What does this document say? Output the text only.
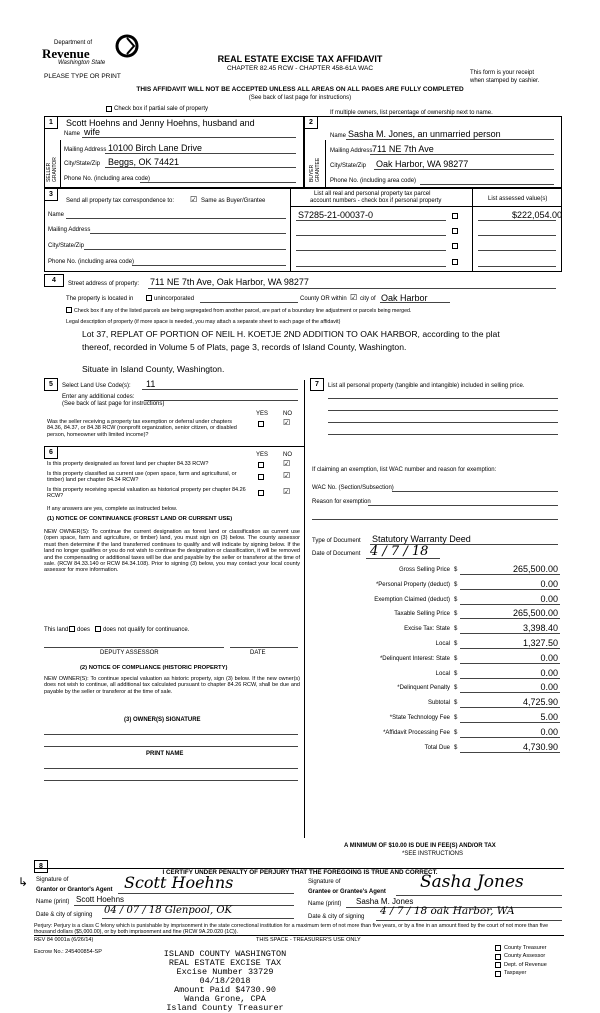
Department of
Revenue
Washington State
PLEASE TYPE OR PRINT
REAL ESTATE EXCISE TAX AFFIDAVIT
CHAPTER 82.45 RCW - CHAPTER 458-61A WAC
This form is your receipt
when stamped by cashier.
THIS AFFIDAVIT WILL NOT BE ACCEPTED UNLESS ALL AREAS ON ALL PAGES ARE FULLY COMPLETED
(See back of last page for instructions)
Check box if partial sale of property
If multiple owners, list percentage of ownership next to name.
1	2
Scott Hoehns and Jenny Hoehns, husband and
Name wife
SELLER GRANTOR
Mailing Address 10100 Birch Lane Drive
City/State/Zip Beggs, OK 74421
Phone No. (including area code)
Name Sasha M. Jones, an unmarried person
BUYER GRANTEE
Mailing Address 711 NE 7th Ave
City/State/Zip Oak Harbor, WA 98277
Phone No. (including area code)
3
Send all property tax correspondence to: ☑ Same as Buyer/Grantee
List all real and personal property tax parcel
account numbers - check box if personal property	List assessed value(s)
Name
Mailing Address
City/State/Zip
Phone No. (including area code)
S7285-21-00037-0	$222,054.00
4	Street address of property: 711 NE 7th Ave, Oak Harbor, WA 98277
The property is located in	unincorporated	County OR within ☑ city of Oak Harbor
Check box if any of the listed parcels are being segregated from another parcel, are part of a boundary line adjustment or parcels being merged.
Legal description of property (if more space is needed, you may attach a separate sheet to each page of the affidavit)
Lot 37, REPLAT OF PORTION OF NEIL H. KOETJE 2ND ADDITION TO OAK HARBOR, according to the plat
thereof, recorded in Volume 5 of Plats, page 3, records of Island County, Washington.
Situate in Island County, Washington.
5	Select Land Use Code(s): 11
Enter any additional codes:
(See back of last page for instructions)
YES NO
Was the seller receiving a property tax exemption or deferral under chapters 84.36, 84.37, or 84.38 RCW (nonprofit organization, senior citizen, or disabled person, homeowner with limited income)?
☑
6	YES NO
Is this property designated as forest land per chapter 84.33 RCW?	☑
Is this property classified as current use (open space, farm and agricultural, or timber) land per chapter 84.34 RCW?
☑
Is this property receiving special valuation as historical property per chapter 84.26 RCW?
☑
If any answers are yes, complete as instructed below.
(1) NOTICE OF CONTINUANCE (FOREST LAND OR CURRENT USE)
NEW OWNER(S): To continue the current designation as forest land or classification as current use (open space, farm and agriculture, or timber) land, you must sign on (3) below. The county assessor must then determine if the land transferred continues to qualify and will indicate by signing below. If the land no longer qualifies or you do not wish to continue the designation or classification, it will be removed and the compensating or additional taxes will be due and payable by the seller or transferor at the time of sale. (RCW 84.33.140 or RCW 84.34.108). Prior to signing (3) below, you may contact your local county assessor for more information.
This land does does not qualify for continuance.
DEPUTY ASSESSOR	DATE
(2) NOTICE OF COMPLIANCE (HISTORIC PROPERTY)
NEW OWNER(S): To continue special valuation as historic property, sign (3) below. If the new owner(s) does not wish to continue, all additional tax calculated pursuant to chapter 84.26 RCW, shall be due and payable by the seller or transferor at the time of sale.
(3) OWNER(S) SIGNATURE
PRINT NAME
7	List all personal property (tangible and intangible) included in selling price.
If claiming an exemption, list WAC number and reason for exemption:
WAC No. (Section/Subsection)
Reason for exemption
Type of Document Statutory Warranty Deed
Date of Document 4 / 7 / 18
Gross Selling Price $	265,500.00
*Personal Property (deduct) $	0.00
Exemption Claimed (deduct) $	0.00
Taxable Selling Price $	265,500.00
Excise Tax: State $	3,398.40
Local $	1,327.50
*Delinquent Interest: State $	0.00
Local $	0.00
*Delinquent Penalty $	0.00
Subtotal $	4,725.90
*State Technology Fee $	5.00
*Affidavit Processing Fee $	0.00
Total Due $	4,730.90
A MINIMUM OF $10.00 IS DUE IN FEE(S) AND/OR TAX
*SEE INSTRUCTIONS
8
I CERTIFY UNDER PENALTY OF PERJURY THAT THE FOREGOING IS TRUE AND CORRECT.
↳ Signature of
Grantor or Grantor's Agent Scott Hoehns
Name (print) Scott Hoehns
Date & city of signing 04 / 07 / 18 Glenpool, OK
Signature of
Grantee or Grantee's Agent Sasha Jones
Name (print) Sasha M. Jones
Date & city of signing 4 / 7 / 18 oak Harbor, WA
Perjury: Perjury is a class C felony which is punishable by imprisonment in the state correctional institution for a maximum term of not more than five years, or by a fine in an amount fixed by the court of not more than five thousand dollars ($5,000.00), or by both imprisonment and fine (RCW 9A.20.020 (1C)).
REV 84 0001a (6/26/14)	THIS SPACE - TREASURER'S USE ONLY
Escrow No.: 245400854-SP
County Treasurer
County Assessor
Dept. of Revenue
Taxpayer
ISLAND COUNTY WASHINGTON
REAL ESTATE EXCISE TAX
Excise Number 33729
04/18/2018
Amount Paid $4730.90
Wanda Grone, CPA
Island County Treasurer
